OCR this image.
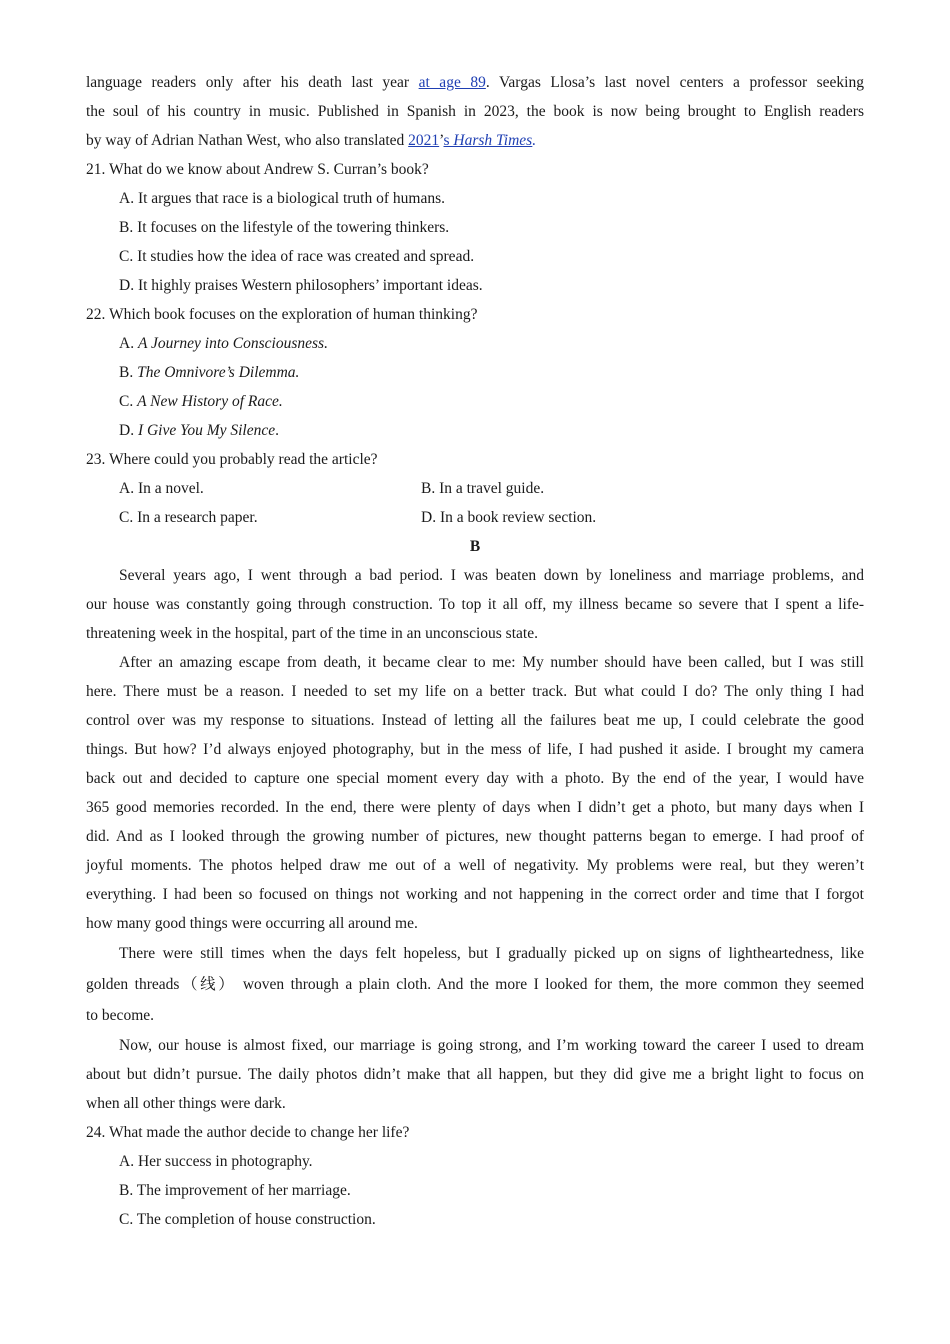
language readers only after his death last year at age 89. Vargas Llosa’s last novel centers a professor seeking
the soul of his country in music. Published in Spanish in 2023, the book is now being brought to English readers
by way of Adrian Nathan West, who also translated 2021’s Harsh Times.
21. What do we know about Andrew S. Curran’s book?
A. It argues that race is a biological truth of humans.
B. It focuses on the lifestyle of the towering thinkers.
C. It studies how the idea of race was created and spread.
D. It highly praises Western philosophers’ important ideas.
22. Which book focuses on the exploration of human thinking?
A. A Journey into Consciousness.
B. The Omnivore’s Dilemma.
C. A New History of Race.
D. I Give You My Silence.
23. Where could you probably read the article?
A. In a novel.	B. In a travel guide.
C. In a research paper.	D. In a book review section.
B
Several years ago, I went through a bad period. I was beaten down by loneliness and marriage problems, and
our house was constantly going through construction. To top it all off, my illness became so severe that I spent a life-
threatening week in the hospital, part of the time in an unconscious state.
After an amazing escape from death, it became clear to me: My number should have been called, but I was still
here. There must be a reason. I needed to set my life on a better track. But what could I do? The only thing I had
control over was my response to situations. Instead of letting all the failures beat me up, I could celebrate the good
things. But how? I’d always enjoyed photography, but in the mess of life, I had pushed it aside. I brought my camera
back out and decided to capture one special moment every day with a photo. By the end of the year, I would have
365 good memories recorded. In the end, there were plenty of days when I didn’t get a photo, but many days when I
did. And as I looked through the growing number of pictures, new thought patterns began to emerge. I had proof of
joyful moments. The photos helped draw me out of a well of negativity. My problems were real, but they weren’t
everything. I had been so focused on things not working and not happening in the correct order and time that I forgot
how many good things were occurring all around me.
There were still times when the days felt hopeless, but I gradually picked up on signs of lightheartedness, like
golden threads（线） woven through a plain cloth. And the more I looked for them, the more common they seemed
to become.
Now, our house is almost fixed, our marriage is going strong, and I’m working toward the career I used to dream
about but didn’t pursue. The daily photos didn’t make that all happen, but they did give me a bright light to focus on
when all other things were dark.
24. What made the author decide to change her life?
A. Her success in photography.
B. The improvement of her marriage.
C. The completion of house construction.
